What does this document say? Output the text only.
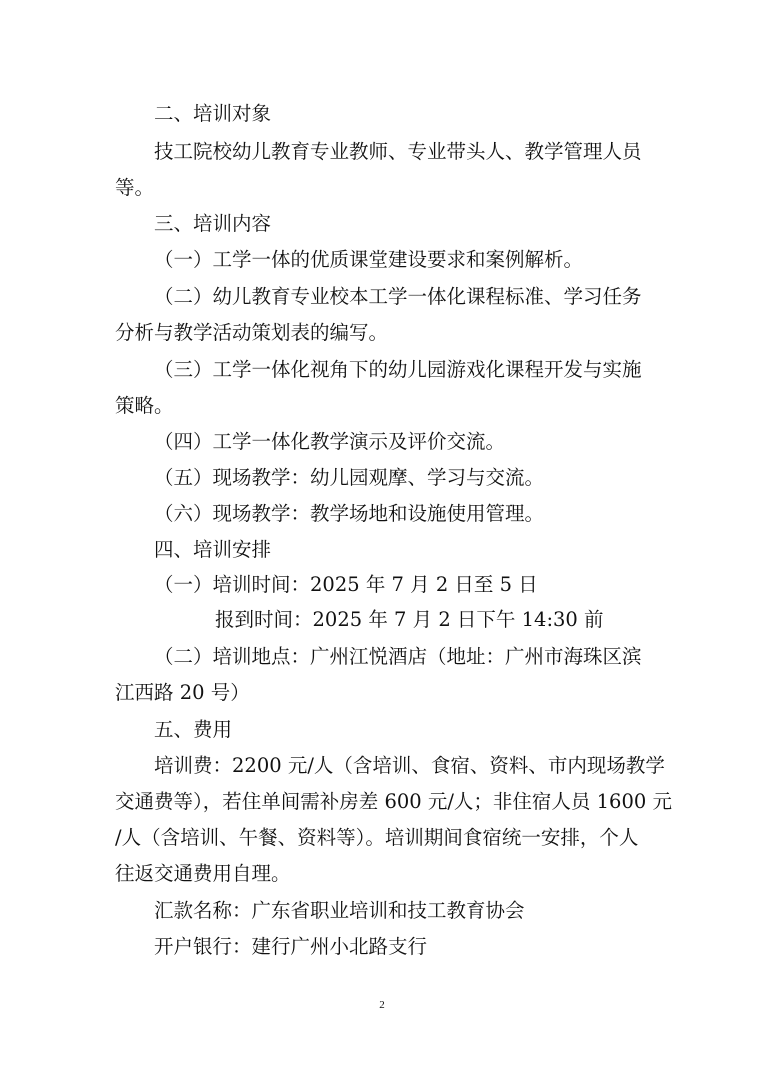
二、培训对象
技工院校幼儿教育专业教师、专业带头人、教学管理人员
等。
三、培训内容
（一）工学一体的优质课堂建设要求和案例解析。
（二）幼儿教育专业校本工学一体化课程标准、学习任务
分析与教学活动策划表的编写。
（三）工学一体化视角下的幼儿园游戏化课程开发与实施
策略。
（四）工学一体化教学演示及评价交流。
（五）现场教学：幼儿园观摩、学习与交流。
（六）现场教学：教学场地和设施使用管理。
四、培训安排
（一）培训时间：2025 年 7 月 2 日至 5 日
报到时间：2025 年 7 月 2 日下午 14:30 前
（二）培训地点：广州江悦酒店（地址：广州市海珠区滨
江西路 20 号）
五、费用
培训费：2200 元/人（含培训、食宿、资料、市内现场教学
交通费等），若住单间需补房差 600 元/人；非住宿人员 1600 元
/人（含培训、午餐、资料等）。培训期间食宿统一安排，个人
往返交通费用自理。
汇款名称：广东省职业培训和技工教育协会
开户银行：建行广州小北路支行
2
